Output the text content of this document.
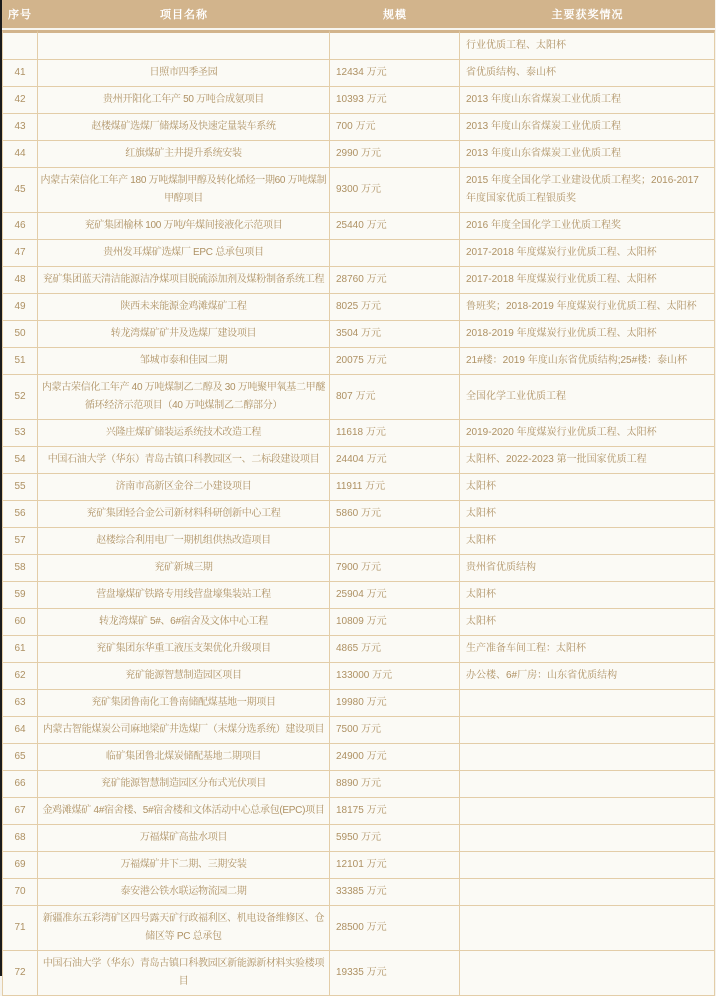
序号	项目名称	规模	主要获奖情况
			行业优质工程、太阳杯
41	日照市四季圣园	12434 万元	省优质结构、泰山杯
42	贵州开阳化工年产 50 万吨合成氨项目	10393 万元	2013 年度山东省煤炭工业优质工程
43	赵楼煤矿选煤厂储煤场及快速定量装车系统	700 万元	2013 年度山东省煤炭工业优质工程
44	红旗煤矿主井提升系统安装	2990 万元	2013 年度山东省煤炭工业优质工程
45	内蒙古荣信化工年产 180 万吨煤制甲醇及转化烯烃一期60 万吨煤制甲醇项目	9300 万元	2015 年度全国化学工业建设优质工程奖；2016-2017 年度国家优质工程银质奖
46	兖矿集团榆林 100 万吨/年煤间接液化示范项目	25440 万元	2016 年度全国化学工业优质工程奖
47	贵州发耳煤矿选煤厂 EPC 总承包项目		2017-2018 年度煤炭行业优质工程、太阳杯
48	兖矿集团蓝天清洁能源洁净煤项目脱硫添加剂及煤粉制备系统工程	28760 万元	2017-2018 年度煤炭行业优质工程、太阳杯
49	陕西未来能源金鸡滩煤矿工程	8025 万元	鲁班奖；2018-2019 年度煤炭行业优质工程、太阳杯
50	转龙湾煤矿矿井及选煤厂建设项目	3504 万元	2018-2019 年度煤炭行业优质工程、太阳杯
51	邹城市泰和佳园二期	20075 万元	21#楼：2019 年度山东省优质结构;25#楼：泰山杯
52	内蒙古荣信化工年产 40 万吨煤制乙二醇及 30 万吨聚甲氧基二甲醚循环经济示范项目（40 万吨煤制乙二醇部分）	807 万元	全国化学工业优质工程
53	兴隆庄煤矿储装运系统技术改造工程	11618 万元	2019-2020 年度煤炭行业优质工程、太阳杯
54	中国石油大学（华东）青岛古镇口科教园区一、二标段建设项目	24404 万元	太阳杯、2022-2023 第一批国家优质工程
55	济南市高新区金谷二小建设项目	11911 万元	太阳杯
56	兖矿集团轻合金公司新材料科研创新中心工程	5860 万元	太阳杯
57	赵楼综合利用电厂一期机组供热改造项目		太阳杯
58	兖矿新城三期	7900 万元	贵州省优质结构
59	营盘壕煤矿铁路专用线营盘壕集装站工程	25904 万元	太阳杯
60	转龙湾煤矿 5#、6#宿舍及文体中心工程	10809 万元	太阳杯
61	兖矿集团东华重工液压支架优化升级项目	4865 万元	生产准备车间工程：太阳杯
62	兖矿能源智慧制造园区项目	133000 万元	办公楼、6#厂房：山东省优质结构
63	兖矿集团鲁南化工鲁南储配煤基地一期项目	19980 万元	
64	内蒙古智能煤炭公司麻地梁矿井选煤厂（末煤分选系统）建设项目	7500 万元	
65	临矿集团鲁北煤炭储配基地二期项目	24900 万元	
66	兖矿能源智慧制造园区分布式光伏项目	8890 万元	
67	金鸡滩煤矿 4#宿舍楼、5#宿舍楼和文体活动中心总承包(EPC)项目	18175 万元	
68	万福煤矿高盐水项目	5950 万元	
69	万福煤矿井下二期、三期安装	12101 万元	
70	泰安港公铁水联运物流园二期	33385 万元	
71	新疆准东五彩湾矿区四号露天矿行政福利区、机电设备维修区、仓储区等 PC 总承包	28500 万元	
72	中国石油大学（华东）青岛古镇口科教园区新能源新材料实验楼项目	19335 万元	
